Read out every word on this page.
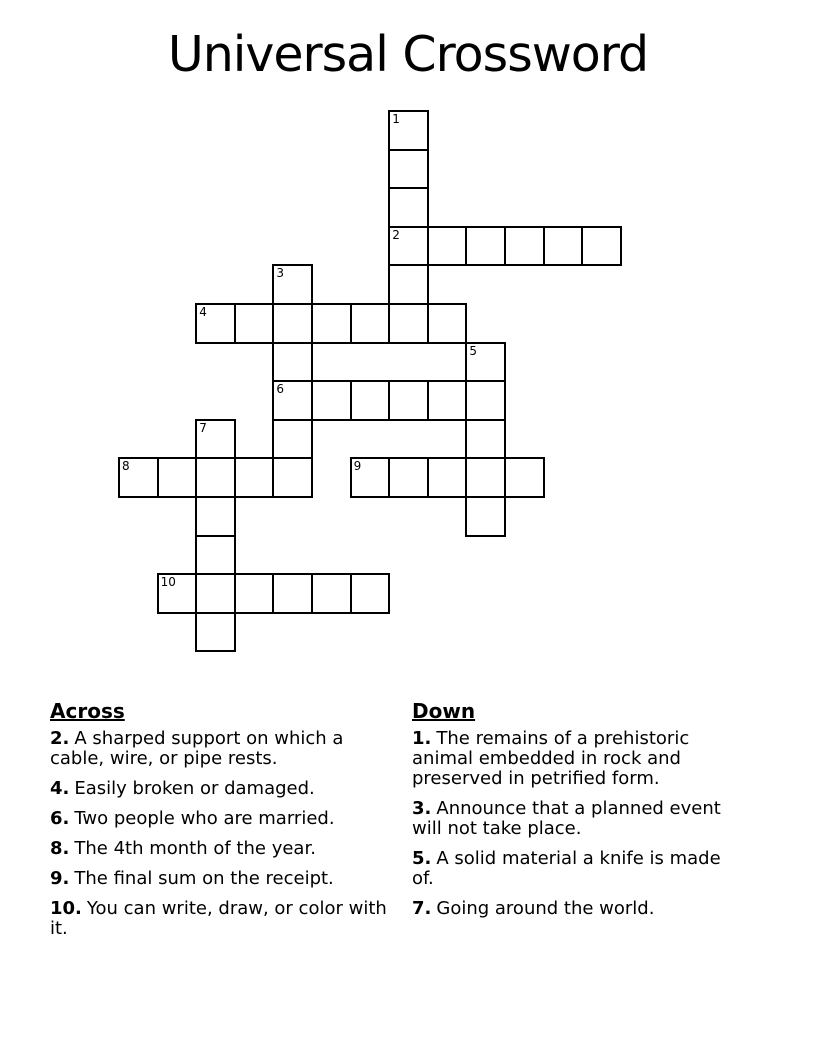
Universal Crossword
1
2
3
6
4
5
7
8	9
10
Across
2. A sharped support on which a cable, wire, or pipe rests.
4. Easily broken or damaged.
6. Two people who are married.
8. The 4th month of the year.
9. The final sum on the receipt.
10. You can write, draw, or color with it.
Down
1. The remains of a prehistoric animal embedded in rock and preserved in petrified form.
3. Announce that a planned event will not take place.
5. A solid material a knife is made of.
7. Going around the world.
